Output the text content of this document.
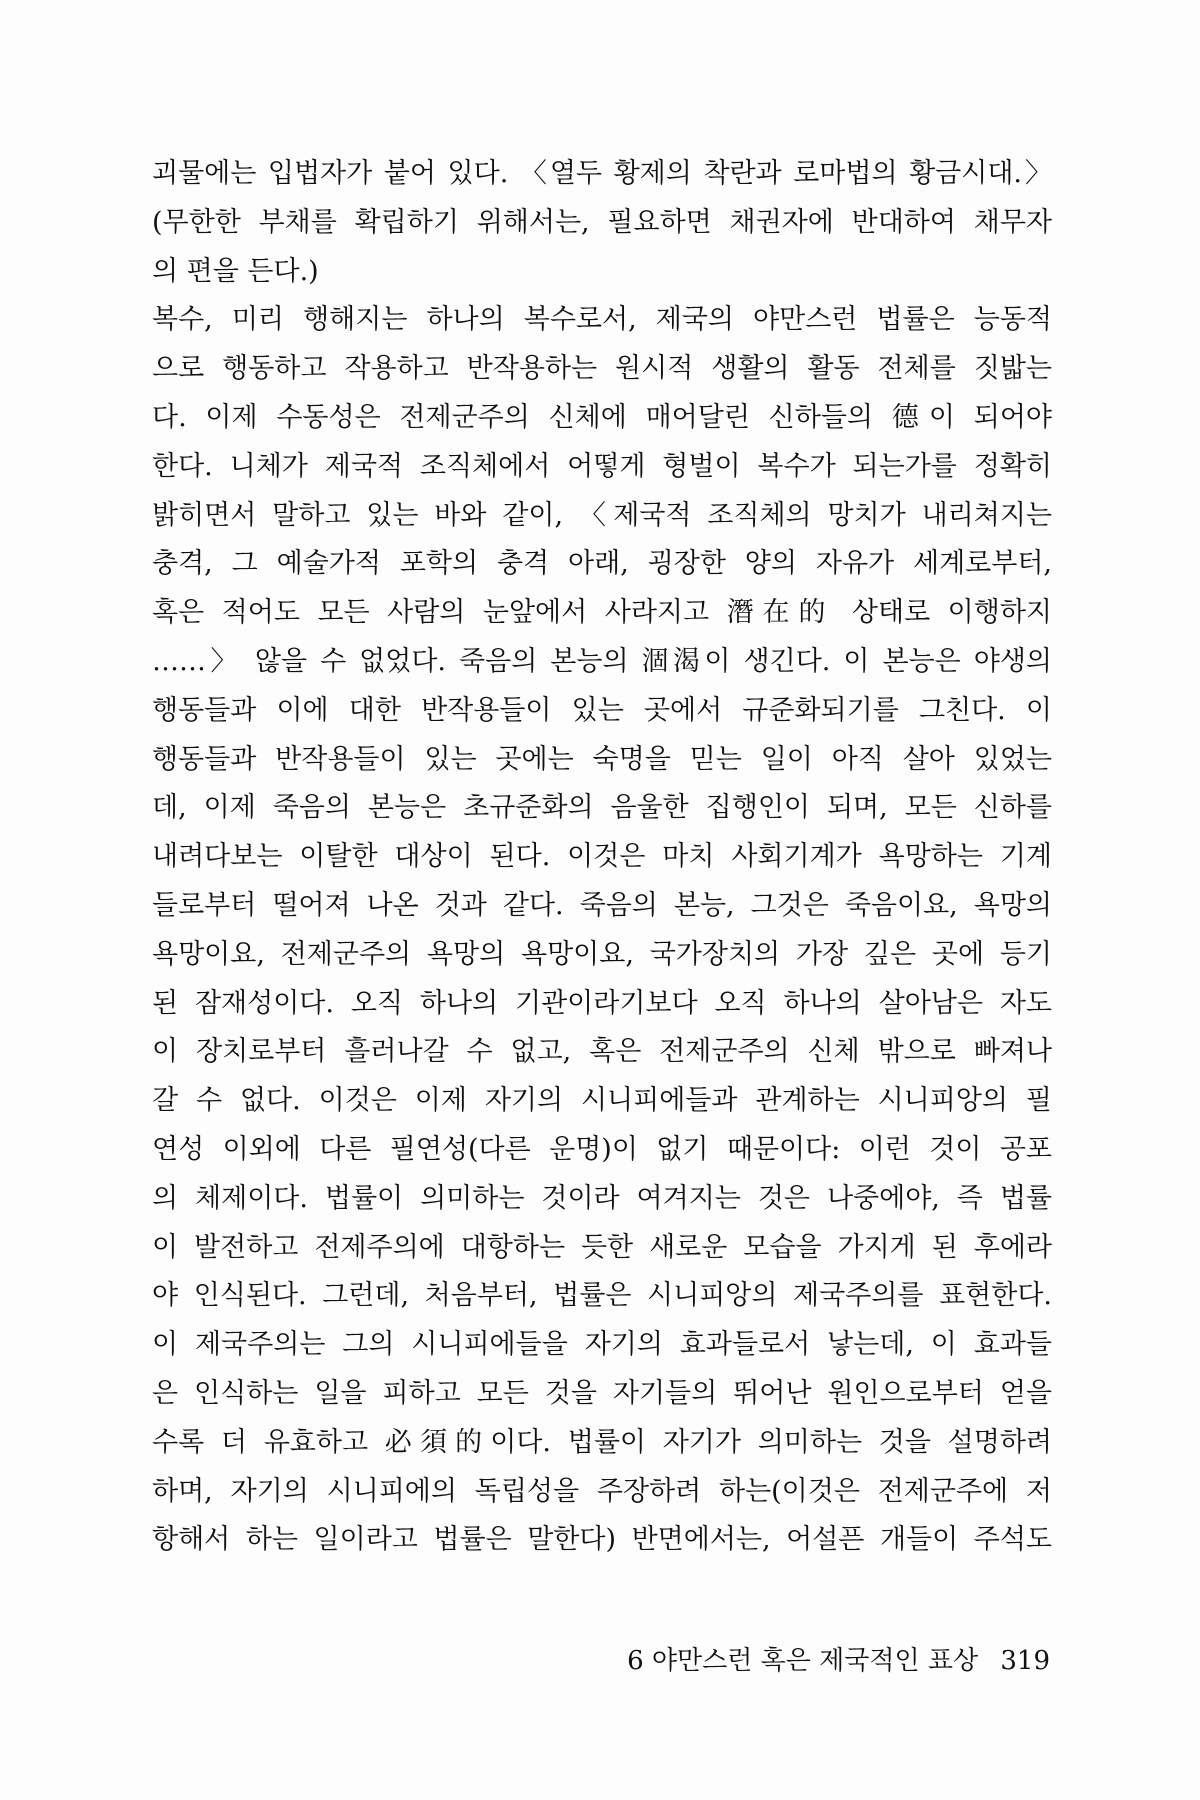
괴물에는 입법자가 붙어 있다. 〈열두 황제의 착란과 로마법의 황금시대.〉
(무한한 부채를 확립하기 위해서는, 필요하면 채권자에 반대하여 채무자
의 편을 든다.)
복수, 미리 행해지는 하나의 복수로서, 제국의 야만스런 법률은 능동적
으로 행동하고 작용하고 반작용하는 원시적 생활의 활동 전체를 짓밟는
다. 이제 수동성은 전제군주의 신체에 매어달린 신하들의 德이 되어야
한다. 니체가 제국적 조직체에서 어떻게 형벌이 복수가 되는가를 정확히
밝히면서 말하고 있는 바와 같이, 〈제국적 조직체의 망치가 내리쳐지는
충격, 그 예술가적 포학의 충격 아래, 굉장한 양의 자유가 세계로부터,
혹은 적어도 모든 사람의 눈앞에서 사라지고 潛在的 상태로 이행하지
……〉 않을 수 없었다. 죽음의 본능의 涸渴이 생긴다. 이 본능은 야생의
행동들과 이에 대한 반작용들이 있는 곳에서 규준화되기를 그친다. 이
행동들과 반작용들이 있는 곳에는 숙명을 믿는 일이 아직 살아 있었는
데, 이제 죽음의 본능은 초규준화의 음울한 집행인이 되며, 모든 신하를
내려다보는 이탈한 대상이 된다. 이것은 마치 사회기계가 욕망하는 기계
들로부터 떨어져 나온 것과 같다. 죽음의 본능, 그것은 죽음이요, 욕망의
욕망이요, 전제군주의 욕망의 욕망이요, 국가장치의 가장 깊은 곳에 등기
된 잠재성이다. 오직 하나의 기관이라기보다 오직 하나의 살아남은 자도
이 장치로부터 흘러나갈 수 없고, 혹은 전제군주의 신체 밖으로 빠져나
갈 수 없다. 이것은 이제 자기의 시니피에들과 관계하는 시니피앙의 필
연성 이외에 다른 필연성(다른 운명)이 없기 때문이다: 이런 것이 공포
의 체제이다. 법률이 의미하는 것이라 여겨지는 것은 나중에야, 즉 법률
이 발전하고 전제주의에 대항하는 듯한 새로운 모습을 가지게 된 후에라
야 인식된다. 그런데, 처음부터, 법률은 시니피앙의 제국주의를 표현한다.
이 제국주의는 그의 시니피에들을 자기의 효과들로서 낳는데, 이 효과들
은 인식하는 일을 피하고 모든 것을 자기들의 뛰어난 원인으로부터 얻을
수록 더 유효하고 必須的이다. 법률이 자기가 의미하는 것을 설명하려
하며, 자기의 시니피에의 독립성을 주장하려 하는(이것은 전제군주에 저
항해서 하는 일이라고 법률은 말한다) 반면에서는, 어설픈 개들이 주석도
6 야만스런 혹은 제국적인 표상 319
